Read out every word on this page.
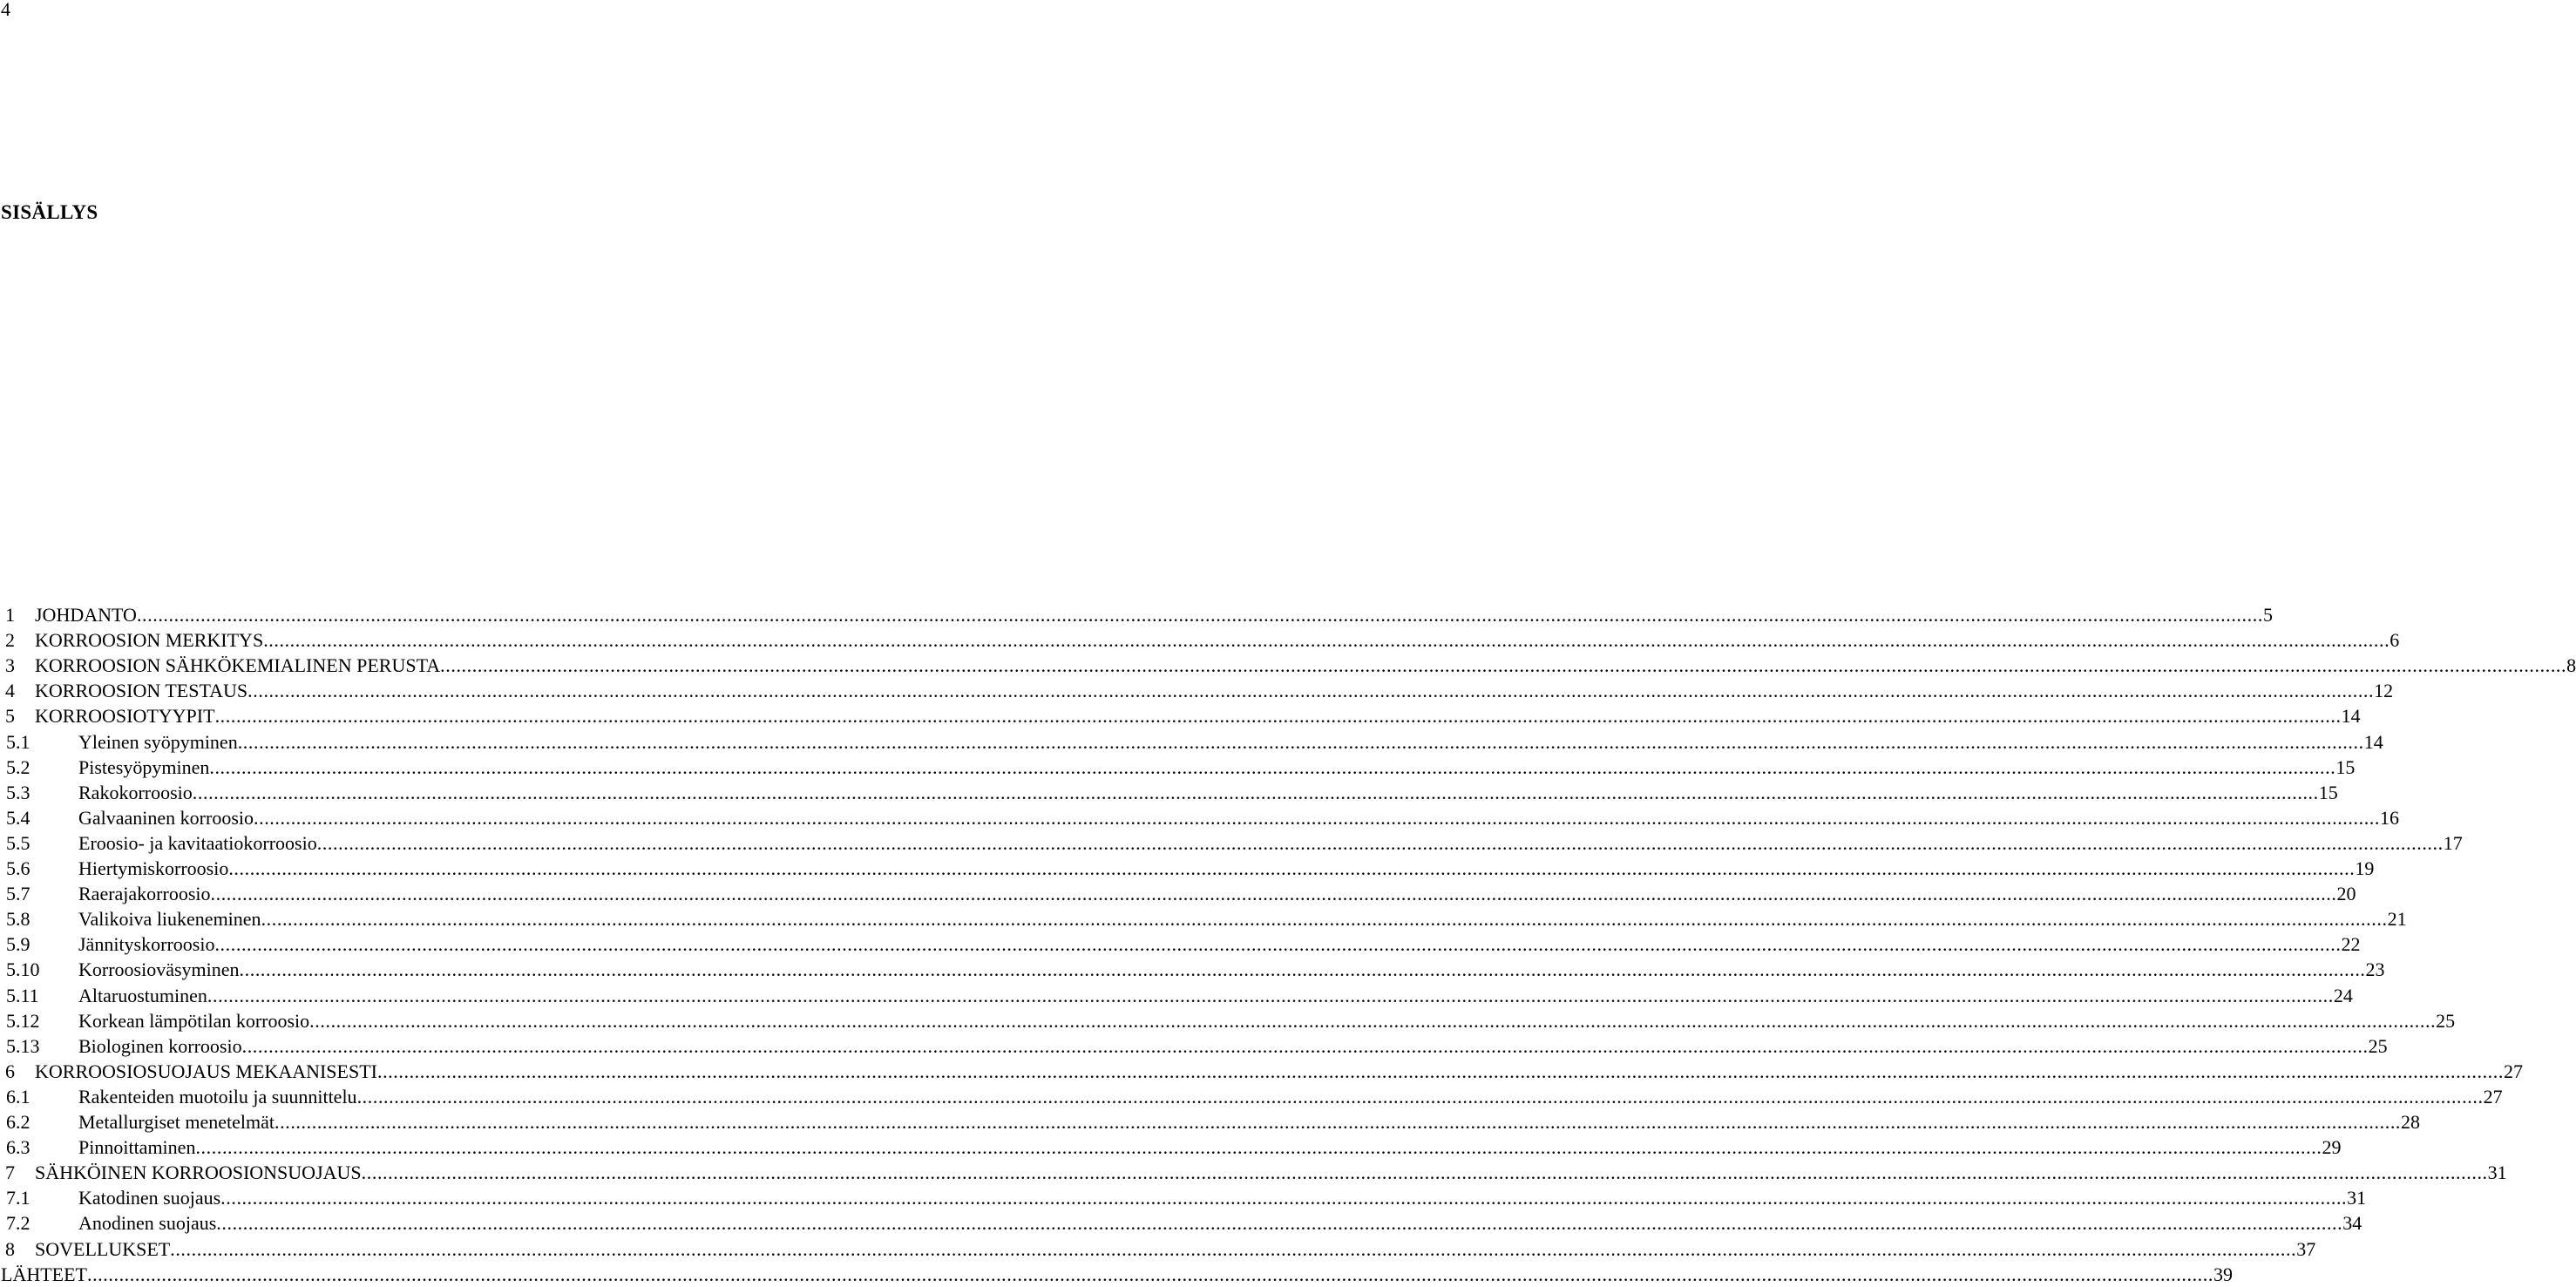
4
SISÄLLYS
1 JOHDANTO ................................................................................................................................................................................................................................................................................................................................................................................................................ 5
2 KORROOSION MERKITYS ................................................................................................................................................................................................................................................................................................................................................................................................................ 6
3 KORROOSION SÄHKÖKEMIALINEN PERUSTA ................................................................................................................................................................................................................................................................................................................................................................................................................ 8
4 KORROOSION TESTAUS ................................................................................................................................................................................................................................................................................................................................................................................................................ 12
5 KORROOSIOTYYPIT ................................................................................................................................................................................................................................................................................................................................................................................................................ 14
5.1	Yleinen syöpyminen ................................................................................................................................................................................................................................................................................................................................................................................................................ 14
5.2	Pistesyöpyminen ................................................................................................................................................................................................................................................................................................................................................................................................................ 15
5.3	Rakokorroosio ................................................................................................................................................................................................................................................................................................................................................................................................................ 15
5.4	Galvaaninen korroosio ................................................................................................................................................................................................................................................................................................................................................................................................................ 16
5.5	Eroosio- ja kavitaatiokorroosio ................................................................................................................................................................................................................................................................................................................................................................................................................ 17
5.6	Hiertymiskorroosio ................................................................................................................................................................................................................................................................................................................................................................................................................ 19
5.7	Raerajakorroosio ................................................................................................................................................................................................................................................................................................................................................................................................................ 20
5.8	Valikoiva liukeneminen ................................................................................................................................................................................................................................................................................................................................................................................................................ 21
5.9	Jännityskorroosio ................................................................................................................................................................................................................................................................................................................................................................................................................ 22
5.10 Korroosioväsyminen ................................................................................................................................................................................................................................................................................................................................................................................................................ 23
5.11 Altaruostuminen ................................................................................................................................................................................................................................................................................................................................................................................................................ 24
5.12 Korkean lämpötilan korroosio ................................................................................................................................................................................................................................................................................................................................................................................................................ 25
5.13 Biologinen korroosio ................................................................................................................................................................................................................................................................................................................................................................................................................ 25
6 KORROOSIOSUOJAUS MEKAANISESTI ................................................................................................................................................................................................................................................................................................................................................................................................................ 27
6.1	Rakenteiden muotoilu ja suunnittelu ................................................................................................................................................................................................................................................................................................................................................................................................................ 27
6.2	Metallurgiset menetelmät ................................................................................................................................................................................................................................................................................................................................................................................................................ 28
6.3	Pinnoittaminen ................................................................................................................................................................................................................................................................................................................................................................................................................ 29
7 SÄHKÖINEN KORROOSIONSUOJAUS ................................................................................................................................................................................................................................................................................................................................................................................................................ 31
7.1	Katodinen suojaus ................................................................................................................................................................................................................................................................................................................................................................................................................ 31
7.2	Anodinen suojaus ................................................................................................................................................................................................................................................................................................................................................................................................................ 34
8 SOVELLUKSET ................................................................................................................................................................................................................................................................................................................................................................................................................ 37
LÄHTEET ................................................................................................................................................................................................................................................................................................................................................................................................................ 39
